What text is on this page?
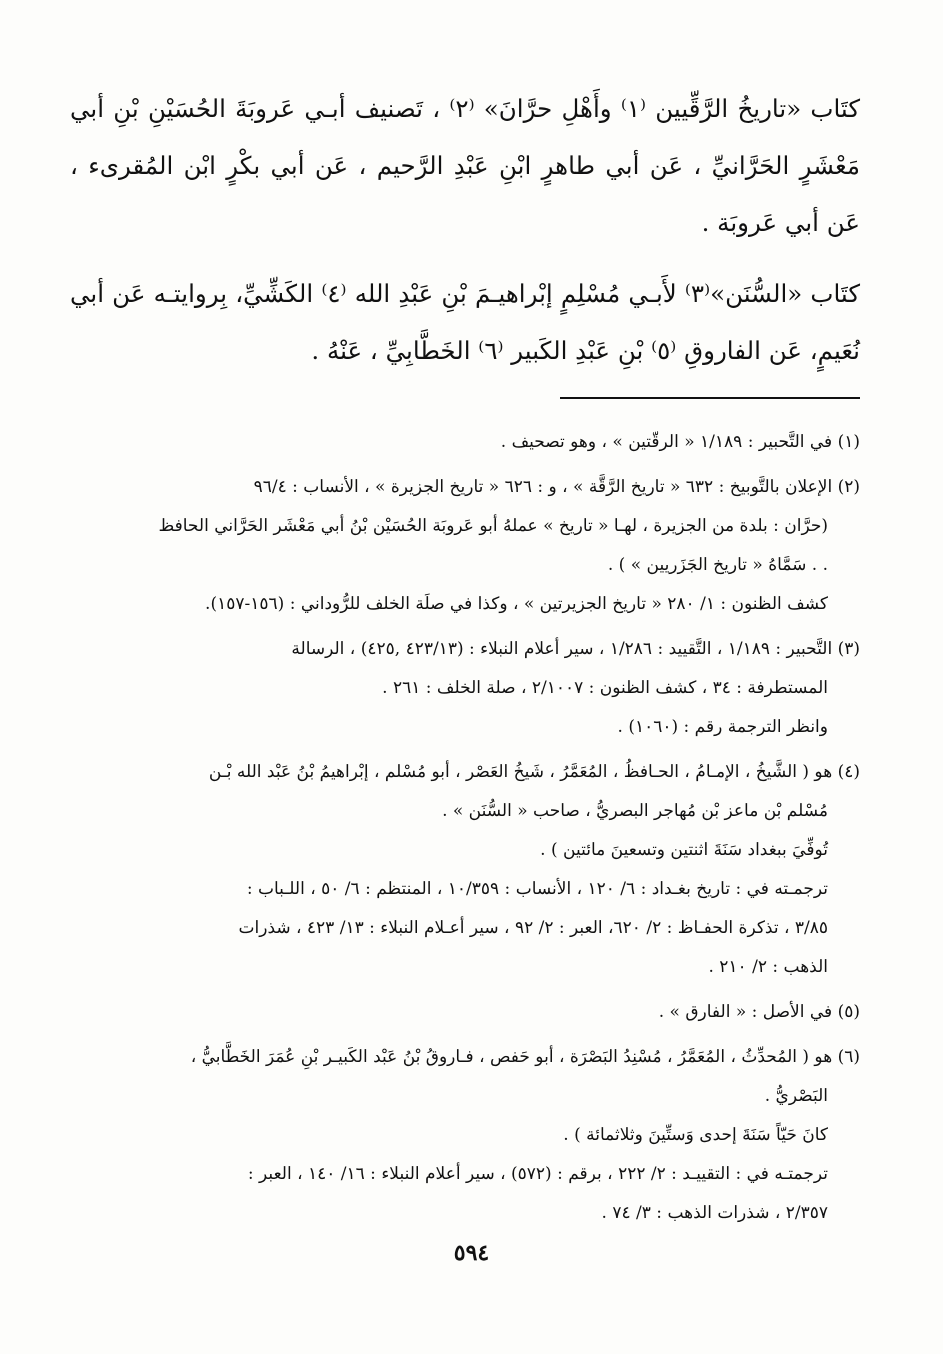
كتَاب «تاريخُ الرَّقِّيين ⁽١⁾ وأَهْلِ حرَّانَ» ⁽٢⁾ ، تَصنيف أبـي عَروبَةَ الحُسَيْنِ بْنِ أبي مَعْشَرٍ الحَرَّانيِّ ، عَن أبي طاهرٍ ابْنِ عَبْدِ الرَّحيم ، عَن أبي بكْرٍ ابْن المُقرىء ، عَن أبي عَروبَة .

كتَاب «السُّنَن»⁽٣⁾ لأَبـي مُسْلِمٍ إبْراهيـمَ بْنِ عَبْدِ الله ⁽٤⁾ الكَشِّيِّ، بِروايتـه عَن أبي نُعَيمٍ، عَن الفاروقِ ⁽٥⁾ بْنِ عَبْدِ الكَبير ⁽٦⁾ الخَطَّابِيِّ ، عَنْهُ .

(١) في التَّحبير : ١/١٨٩ « الرقّتين » ، وهو تصحيف .
(٢) الإعلان بالتَّوبيخ : ٦٣٢ « تاريخ الرَّقَّة » ، و : ٦٢٦ « تاريخ الجزيرة » ، الأنساب : ٩٦/٤
(حرَّان : بلدة من الجزيرة ، لهـا « تاريخ » عملهُ أبو عَروبَة الحُسَيْن بْنُ أبي مَعْشَر الحَرَّاني الحافظ
. . سَمَّاهُ « تاريخ الجَزَريين » ) .
كشف الظنون : ١/ ٢٨٠ « تاريخ الجزيرتين » ، وكذا في صلَة الخلف للرُّوداني : (١٥٦-١٥٧).
(٣) التَّحبير : ١/١٨٩ ، التَّقييد : ١/٢٨٦ ، سير أعلام النبلاء : (٤٢٣/١٣ ,٤٢٥) ، الرسالة
المستطرفة : ٣٤ ، كشف الظنون : ٢/١٠٠٧ ، صلة الخلف : ٢٦١ .
وانظر الترجمة رقم : (١٠٦٠) .
(٤) هو ( الشَّيخُ ، الإمـامُ ، الحـافظُ ، المُعَمَّرُ ، شَيخُ العَصْر ، أبو مُسْلم ، إبْراهيمُ بْنُ عَبْد الله بْـن
مُسْلم بْن ماعز بْن مُهاجر البصريُّ ، صاحب « السُّنَن » .
تُوفِّيَ ببغداد سَنَةَ اثنتين وتسعينَ مائتين ) .
ترجمـته في : تاريخ بغـداد : ٦/ ١٢٠ ، الأنساب : ١٠/٣٥٩ ، المنتظم : ٦/ ٥٠ ، اللـباب :
٣/٨٥ ، تذكرة الحفـاظ : ٢/ ٦٢٠، العبر : ٢/ ٩٢ ، سير أعـلام النبلاء : ١٣/ ٤٢٣ ، شذرات
الذهب : ٢/ ٢١٠ .
(٥) في الأصل : « الفارق » .
(٦) هو ( المُحدِّثُ ، المُعَمَّرُ ، مُسْنِدُ البَصْرَة ، أبو حَفص ، فـاروقُ بْنُ عَبْد الكَبيـر بْنِ عُمَرَ الخَطَّابيُّ ،
البَصْريُّ .
كانَ حَيّاً سَنَةَ إحدى وَستِّينَ وثلاثمائة ) .
ترجمتـه في : التقييـد : ٢/ ٢٢٢ ، برقم : (٥٧٢) ، سير أعلام النبلاء : ١٦/ ١٤٠ ، العبر :
٢/٣٥٧ ، شذرات الذهب : ٣/ ٧٤ .
٥٩٤
